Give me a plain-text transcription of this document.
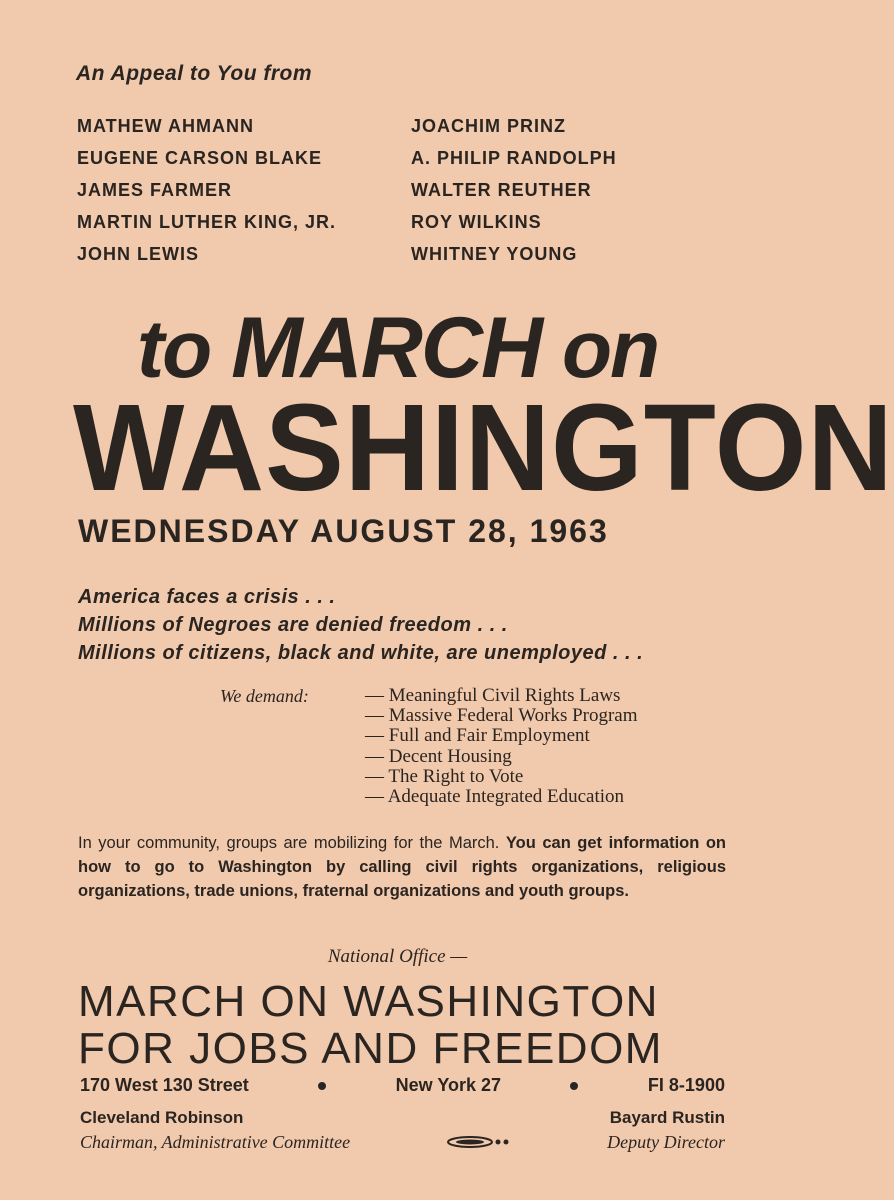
An Appeal to You from
MATHEW AHMANN
EUGENE CARSON BLAKE
JAMES FARMER
MARTIN LUTHER KING, JR.
JOHN LEWIS
JOACHIM PRINZ
A. PHILIP RANDOLPH
WALTER REUTHER
ROY WILKINS
WHITNEY YOUNG
to MARCH on
WASHINGTON
WEDNESDAY AUGUST 28, 1963
America faces a crisis . . .
Millions of Negroes are denied freedom . . .
Millions of citizens, black and white, are unemployed . . .
We demand:	— Meaningful Civil Rights Laws
— Massive Federal Works Program
— Full and Fair Employment
— Decent Housing
— The Right to Vote
— Adequate Integrated Education
In your community, groups are mobilizing for the March. You can get information on how to go to Washington by calling civil rights organizations, religious organizations, trade unions, fraternal organizations and youth groups.
National Office —
MARCH ON WASHINGTON
FOR JOBS AND FREEDOM
170 West 130 Street	New York 27	FI 8-1900
Cleveland Robinson	Bayard Rustin
Chairman, Administrative Committee	Deputy Director
